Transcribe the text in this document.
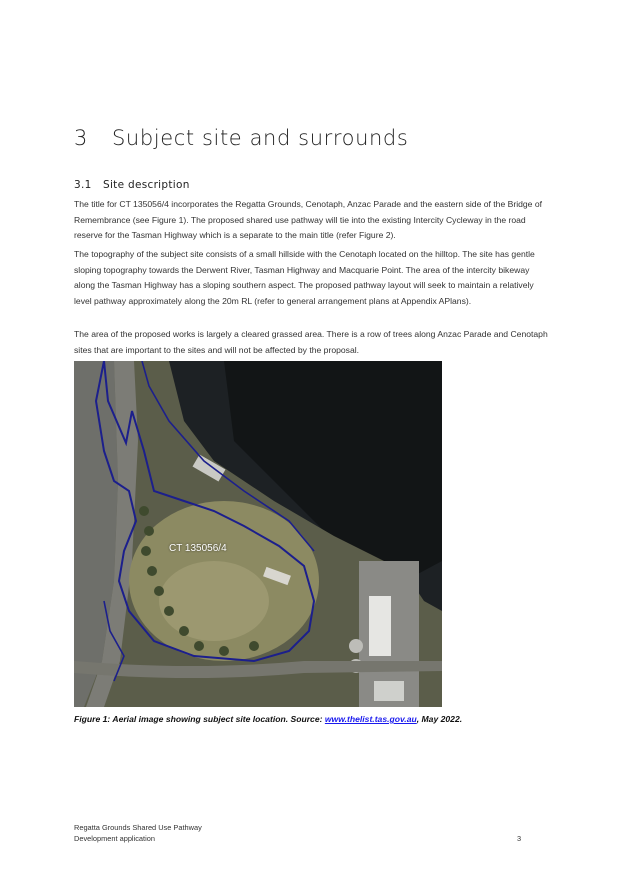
3 Subject site and surrounds
3.1 Site description

The title for CT 135056/4 incorporates the Regatta Grounds, Cenotaph, Anzac Parade and the eastern side of the Bridge of Remembrance (see Figure 1). The proposed shared use pathway will tie into the existing Intercity Cycleway in the road reserve for the Tasman Highway which is a separate to the main title (refer Figure 2).

The topography of the subject site consists of a small hillside with the Cenotaph located on the hilltop. The site has gentle sloping topography towards the Derwent River, Tasman Highway and Macquarie Point. The area of the intercity bikeway along the Tasman Highway has a sloping southern aspect. The proposed pathway layout will seek to maintain a relatively level pathway approximately along the 20m RL (refer to general arrangement plans at Appendix APlans).

The area of the proposed works is largely a cleared grassed area. There is a row of trees along Anzac Parade and Cenotaph sites that are important to the sites and will not be affected by the proposal.

CT 135056/4
Figure 1: Aerial image showing subject site location. Source: www.thelist.tas.gov.au, May 2022.
Regatta Grounds Shared Use Pathway
Development application	3
